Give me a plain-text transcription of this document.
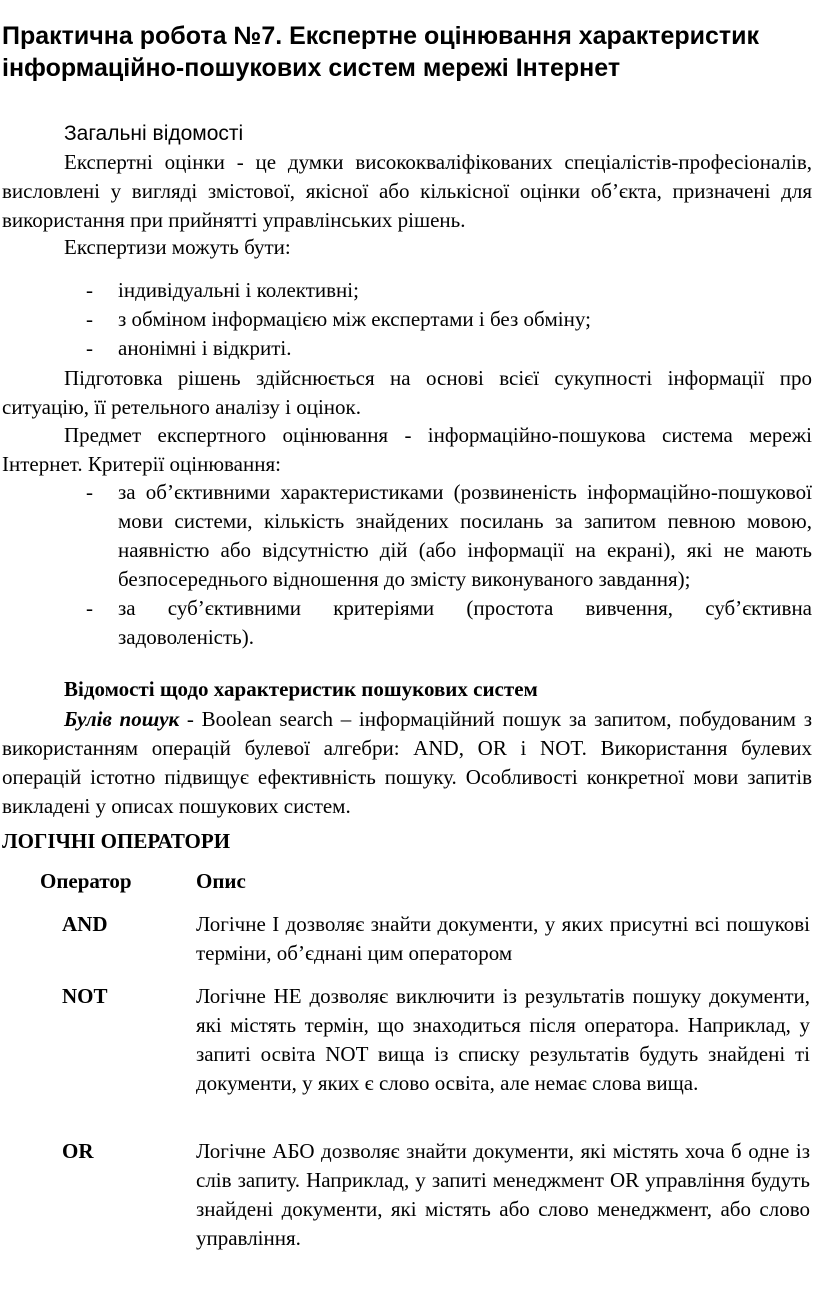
Практична робота №7. Експертне оцінювання характеристик інформаційно-пошукових систем мережі Інтернет
Загальні відомості

Експертні оцінки - це думки висококваліфікованих спеціалістів-професіоналів, висловлені у вигляді змістової, якісної або кількісної оцінки об’єкта, призначені для використання при прийнятті управлінських рішень.

Експертизи можуть бути:

- індивідуальні і колективні;
- з обміном інформацією між експертами і без обміну;
- анонімні і відкриті.

Підготовка рішень здійснюється на основі всієї сукупності інформації про ситуацію, її ретельного аналізу і оцінок.

Предмет експертного оцінювання - інформаційно-пошукова система мережі Інтернет. Критерії оцінювання:

- за об’єктивними характеристиками (розвиненість інформаційно-пошукової мови системи, кількість знайдених посилань за запитом певною мовою, наявністю або відсутністю дій (або інформації на екрані), які не мають безпосереднього відношення до змісту виконуваного завдання);
- за суб’єктивними критеріями (простота вивчення, суб’єктивна задоволеність).
Відомості щодо характеристик пошукових систем

Булів пошук - Boolean search – інформаційний пошук за запитом, побудованим з використанням операцій булевої алгебри: AND, OR і NOT. Використання булевих операцій істотно підвищує ефективність пошуку. Особливості конкретної мови запитів викладені у описах пошукових систем.

ЛОГІЧНІ ОПЕРАТОРИ
Оператор	Опис
AND	Логічне І дозволяє знайти документи, у яких присутні всі пошукові терміни, об’єднані цим оператором

NOT	Логічне НЕ дозволяє виключити із результатів пошуку документи, які містять термін, що знаходиться після оператора. Наприклад, у запиті освіта NOT вища із списку результатів будуть знайдені ті документи, у яких є слово освіта, але немає слова вища.

OR	Логічне АБО дозволяє знайти документи, які містять хоча б одне із слів запиту. Наприклад, у запиті менеджмент OR управління будуть знайдені документи, які містять або слово менеджмент, або слово управління.
